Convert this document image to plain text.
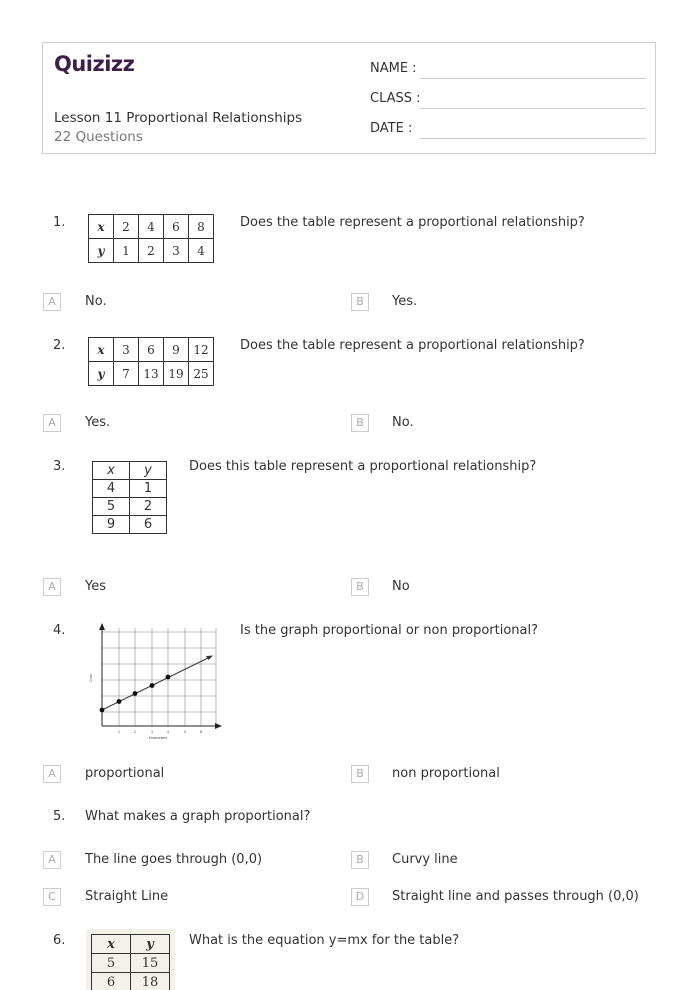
Quizizz
Lesson 11 Proportional Relationships
22 Questions
NAME :
CLASS :
DATE :
1.	x	2	4	6	8
y	1	2	3	4
Does the table represent a proportional relationship?
A	No.	B	Yes.
2.	x	3	6	9	12
y	7	13	19	25
Does the table represent a proportional relationship?
A	Yes.	B	No.
3.	x	y
4	1
5	2
9	6
Does this table represent a proportional relationship?
A	Yes	B	No
4.
1	2	3	4	5	6
Kilometers
Cost
Is the graph proportional or non proportional?
A	proportional	B	non proportional
5. What makes a graph proportional?
A	The line goes through (0,0)	B	Curvy line
C	Straight Line	D	Straight line and passes through (0,0)
6.	x	y
5	15
6	18
What is the equation y=mx for the table?
